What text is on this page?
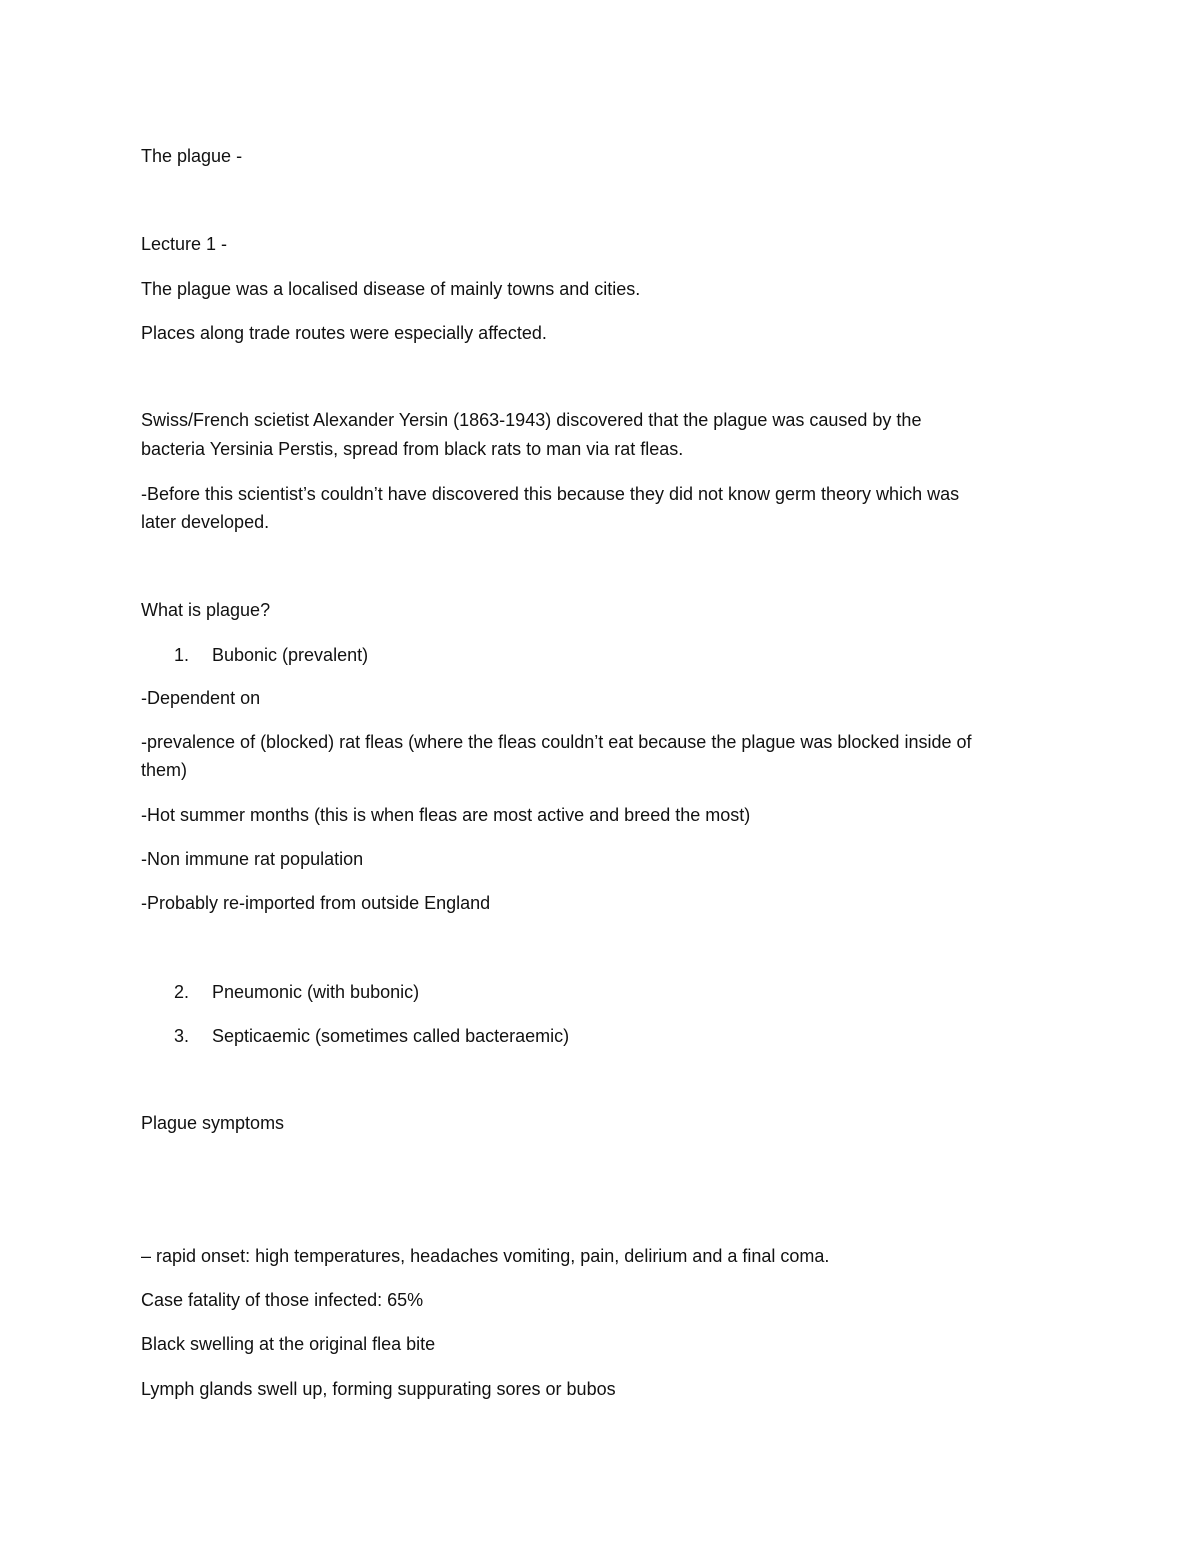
The plague -
Lecture 1 -
The plague was a localised disease of mainly towns and cities.
Places along trade routes were especially affected.
Swiss/French scietist Alexander Yersin (1863-1943) discovered that the plague was caused by the
bacteria Yersinia Perstis, spread from black rats to man via rat fleas.
-Before this scientist’s couldn’t have discovered this because they did not know germ theory which was
later developed.
What is plague?
1.	Bubonic (prevalent)
-Dependent on
-prevalence of (blocked) rat fleas (where the fleas couldn’t eat because the plague was blocked inside of
them)
-Hot summer months (this is when fleas are most active and breed the most)
-Non immune rat population
-Probably re-imported from outside England
2.	Pneumonic (with bubonic)
3.	Septicaemic (sometimes called bacteraemic)
Plague symptoms
– rapid onset: high temperatures, headaches vomiting, pain, delirium and a final coma.
Case fatality of those infected: 65%
Black swelling at the original flea bite
Lymph glands swell up, forming suppurating sores or bubos
